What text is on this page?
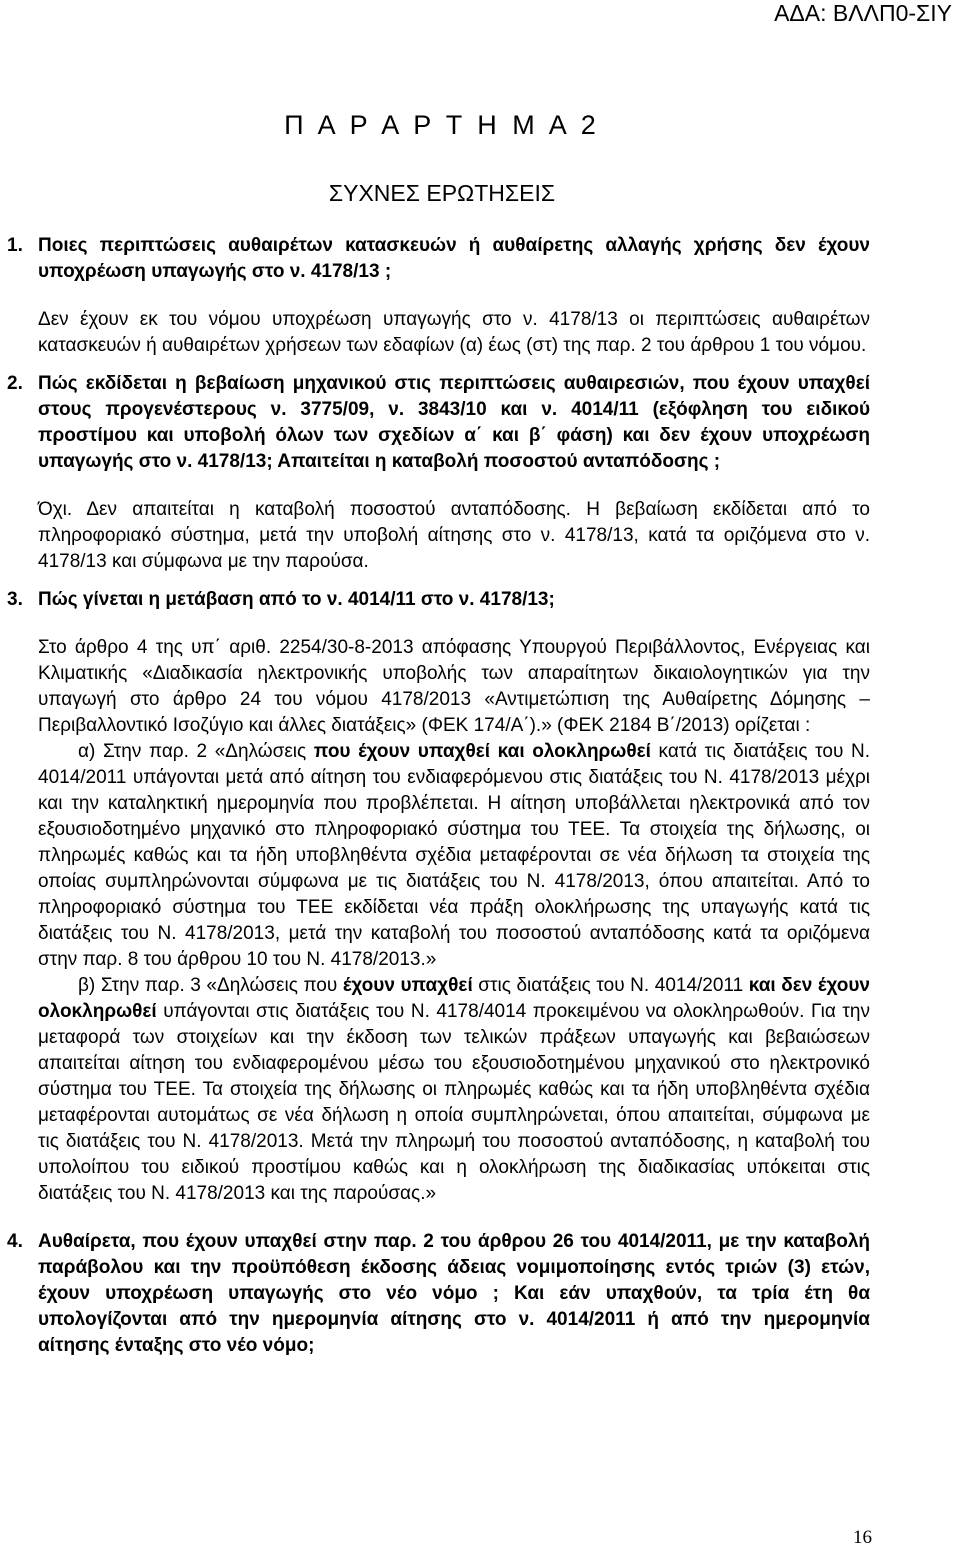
ΑΔΑ: ΒΛΛΠ0-ΣΙΥ
Π Α Ρ Α Ρ Τ Η Μ Α 2
ΣΥΧΝΕΣ ΕΡΩΤΗΣΕΙΣ
1. Ποιες περιπτώσεις αυθαιρέτων κατασκευών ή αυθαίρετης αλλαγής χρήσης δεν έχουν υποχρέωση υπαγωγής στο ν. 4178/13 ;

Δεν έχουν εκ του νόμου υποχρέωση υπαγωγής στο ν. 4178/13 οι περιπτώσεις αυθαιρέτων κατασκευών ή αυθαιρέτων χρήσεων των εδαφίων (α) έως (στ) της παρ. 2 του άρθρου 1 του νόμου.

2. Πώς εκδίδεται η βεβαίωση μηχανικού στις περιπτώσεις αυθαιρεσιών, που έχουν υπαχθεί στους προγενέστερους ν. 3775/09, ν. 3843/10 και ν. 4014/11 (εξόφληση του ειδικού προστίμου και υποβολή όλων των σχεδίων α΄ και β΄ φάση) και δεν έχουν υποχρέωση υπαγωγής στο ν. 4178/13; Απαιτείται η καταβολή ποσοστού ανταπόδοσης ;

Όχι. Δεν απαιτείται η καταβολή ποσοστού ανταπόδοσης. Η βεβαίωση εκδίδεται από το πληροφοριακό σύστημα, μετά την υποβολή αίτησης στο ν. 4178/13, κατά τα οριζόμενα στο ν. 4178/13 και σύμφωνα με την παρούσα.

3. Πώς γίνεται η μετάβαση από το ν. 4014/11 στο ν. 4178/13;

Στο άρθρο 4 της υπ΄ αριθ. 2254/30-8-2013 απόφασης Υπουργού Περιβάλλοντος, Ενέργειας και Κλιματικής «Διαδικασία ηλεκτρονικής υποβολής των απαραίτητων δικαιολογητικών για την υπαγωγή στο άρθρο 24 του νόμου 4178/2013 «Αντιμετώπιση της Αυθαίρετης Δόμησης – Περιβαλλοντικό Ισοζύγιο και άλλες διατάξεις» (ΦΕΚ 174/Α΄).» (ΦΕΚ 2184 Β΄/2013) ορίζεται :

α) Στην παρ. 2 «Δηλώσεις που έχουν υπαχθεί και ολοκληρωθεί κατά τις διατάξεις του Ν. 4014/2011 υπάγονται μετά από αίτηση του ενδιαφερόμενου στις διατάξεις του Ν. 4178/2013 μέχρι και την καταληκτική ημερομηνία που προβλέπεται. Η αίτηση υποβάλλεται ηλεκτρονικά από τον εξουσιοδοτημένο μηχανικό στο πληροφοριακό σύστημα του ΤΕΕ. Τα στοιχεία της δήλωσης, οι πληρωμές καθώς και τα ήδη υποβληθέντα σχέδια μεταφέρονται σε νέα δήλωση τα στοιχεία της οποίας συμπληρώνονται σύμφωνα με τις διατάξεις του Ν. 4178/2013, όπου απαιτείται. Από το πληροφοριακό σύστημα του ΤΕΕ εκδίδεται νέα πράξη ολοκλήρωσης της υπαγωγής κατά τις διατάξεις του Ν. 4178/2013, μετά την καταβολή του ποσοστού ανταπόδοσης κατά τα οριζόμενα στην παρ. 8 του άρθρου 10 του Ν. 4178/2013.»

β) Στην παρ. 3 «Δηλώσεις που έχουν υπαχθεί στις διατάξεις του Ν. 4014/2011 και δεν έχουν ολοκληρωθεί υπάγονται στις διατάξεις του Ν. 4178/4014 προκειμένου να ολοκληρωθούν. Για την μεταφορά των στοιχείων και την έκδοση των τελικών πράξεων υπαγωγής και βεβαιώσεων απαιτείται αίτηση του ενδιαφερομένου μέσω του εξουσιοδοτημένου μηχανικού στο ηλεκτρονικό σύστημα του ΤΕΕ. Τα στοιχεία της δήλωσης οι πληρωμές καθώς και τα ήδη υποβληθέντα σχέδια μεταφέρονται αυτομάτως σε νέα δήλωση η οποία συμπληρώνεται, όπου απαιτείται, σύμφωνα με τις διατάξεις του Ν. 4178/2013. Μετά την πληρωμή του ποσοστού ανταπόδοσης, η καταβολή του υπολοίπου του ειδικού προστίμου καθώς και η ολοκλήρωση της διαδικασίας υπόκειται στις διατάξεις του Ν. 4178/2013 και της παρούσας.»

4. Αυθαίρετα, που έχουν υπαχθεί στην παρ. 2 του άρθρου 26 του 4014/2011, με την καταβολή παράβολου και την προϋπόθεση έκδοσης άδειας νομιμοποίησης εντός τριών (3) ετών, έχουν υποχρέωση υπαγωγής στο νέο νόμο ; Και εάν υπαχθούν, τα τρία έτη θα υπολογίζονται από την ημερομηνία αίτησης στο ν. 4014/2011 ή από την ημερομηνία αίτησης ένταξης στο νέο νόμο;

16
